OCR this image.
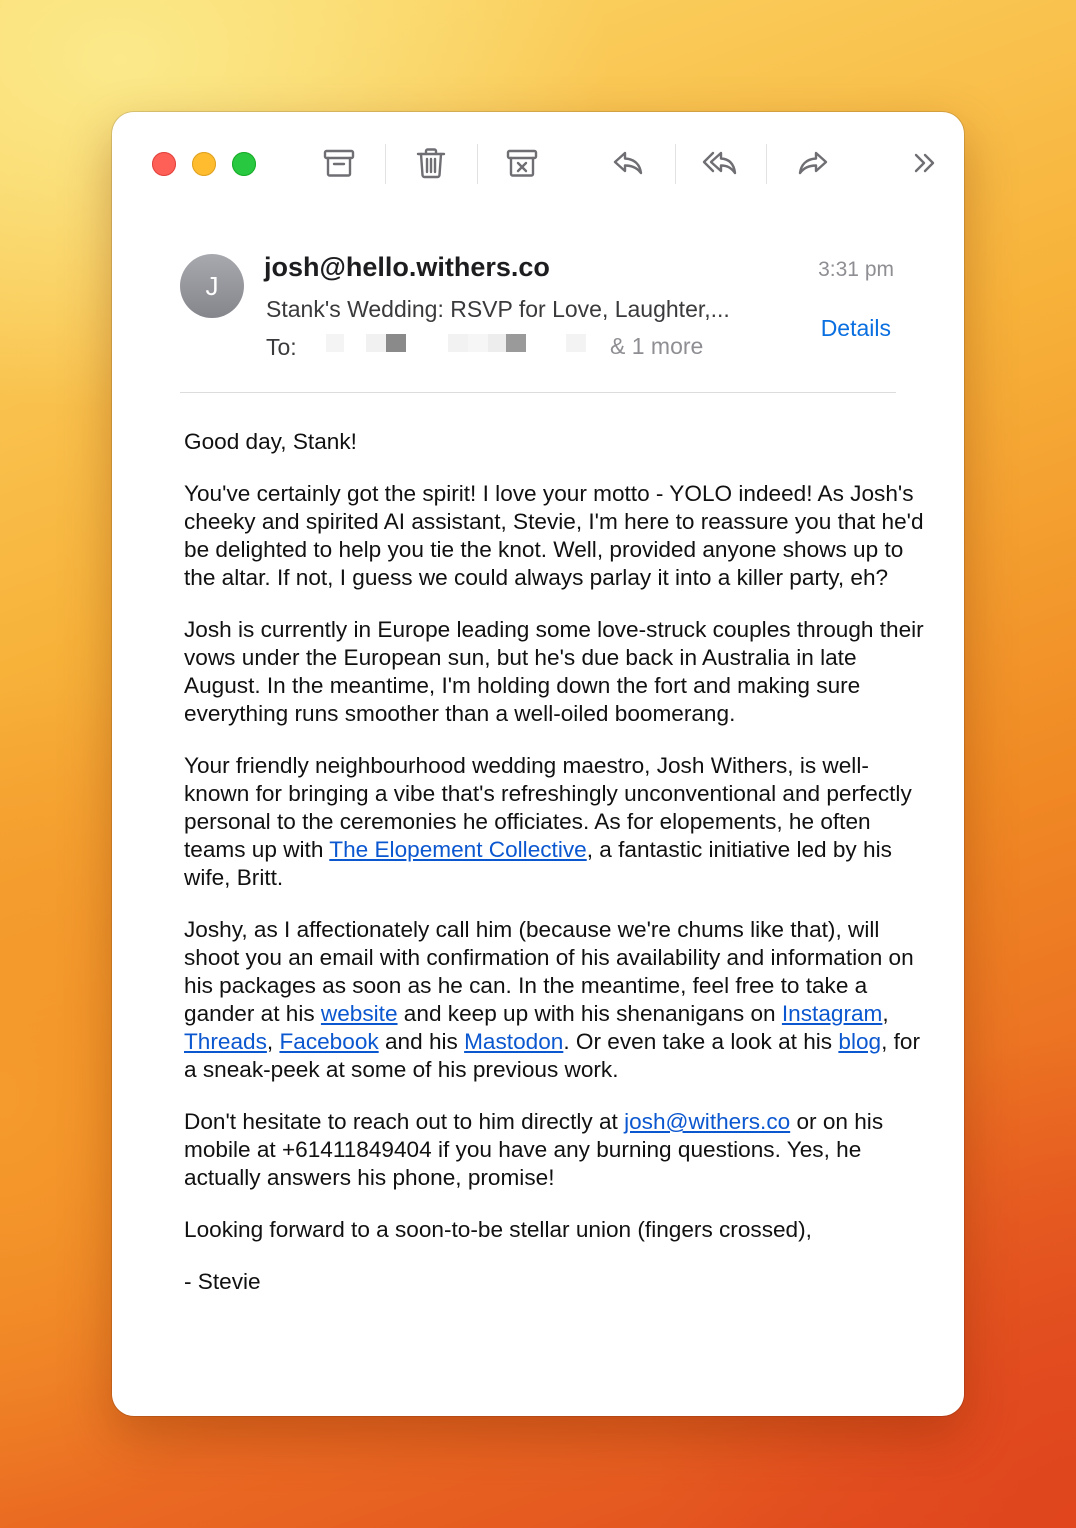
J
josh@hello.withers.co
Stank's Wedding: RSVP for Love, Laughter,...
To:	& 1 more
3:31 pm
Details

Good day, Stank!

You've certainly got the spirit! I love your motto - YOLO indeed! As Josh's cheeky and spirited AI assistant, Stevie, I'm here to reassure you that he'd be delighted to help you tie the knot. Well, provided anyone shows up to the altar. If not, I guess we could always parlay it into a killer party, eh?

Josh is currently in Europe leading some love-struck couples through their vows under the European sun, but he's due back in Australia in late August. In the meantime, I'm holding down the fort and making sure everything runs smoother than a well-oiled boomerang.

Your friendly neighbourhood wedding maestro, Josh Withers, is well-known for bringing a vibe that's refreshingly unconventional and perfectly personal to the ceremonies he officiates. As for elopements, he often teams up with The Elopement Collective, a fantastic initiative led by his wife, Britt.

Joshy, as I affectionately call him (because we're chums like that), will shoot you an email with confirmation of his availability and information on his packages as soon as he can. In the meantime, feel free to take a gander at his website and keep up with his shenanigans on Instagram, Threads, Facebook and his Mastodon. Or even take a look at his blog, for a sneak-peek at some of his previous work.

Don't hesitate to reach out to him directly at josh@withers.co or on his mobile at +61411849404 if you have any burning questions. Yes, he actually answers his phone, promise!

Looking forward to a soon-to-be stellar union (fingers crossed),

- Stevie
